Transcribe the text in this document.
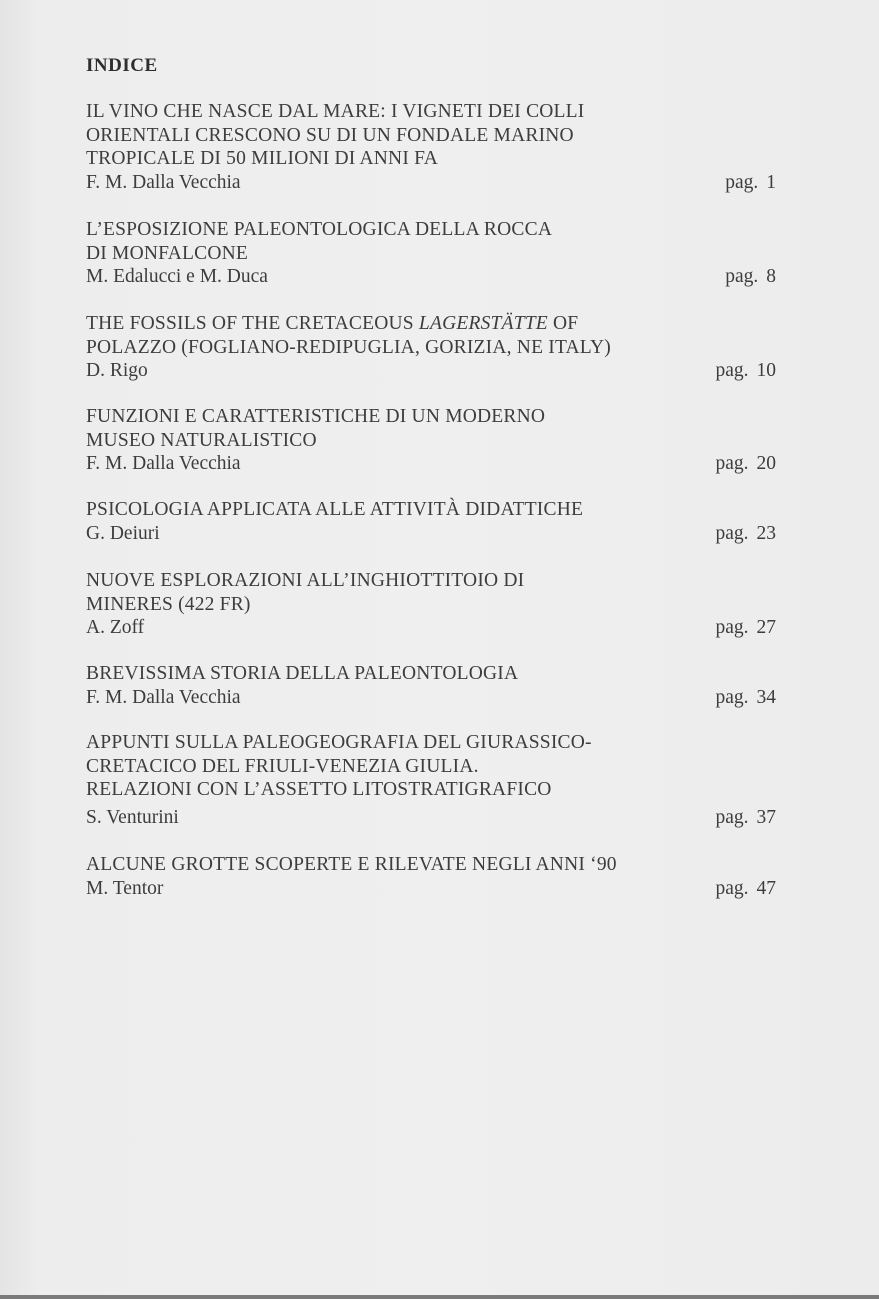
INDICE
IL VINO CHE NASCE DAL MARE: I VIGNETI DEI COLLI
ORIENTALI CRESCONO SU DI UN FONDALE MARINO
TROPICALE DI 50 MILIONI DI ANNI FA
F. M. Dalla Vecchia	pag. 1
L’ESPOSIZIONE PALEONTOLOGICA DELLA ROCCA
DI MONFALCONE
M. Edalucci e M. Duca	pag. 8
THE FOSSILS OF THE CRETACEOUS LAGERSTÄTTE OF
POLAZZO (FOGLIANO-REDIPUGLIA, GORIZIA, NE ITALY)
D. Rigo	pag. 10
FUNZIONI E CARATTERISTICHE DI UN MODERNO
MUSEO NATURALISTICO
F. M. Dalla Vecchia	pag. 20
PSICOLOGIA APPLICATA ALLE ATTIVITÀ DIDATTICHE
G. Deiuri	pag. 23
NUOVE ESPLORAZIONI ALL’INGHIOTTITOIO DI
MINERES (422 FR)
A. Zoff	pag. 27
BREVISSIMA STORIA DELLA PALEONTOLOGIA
F. M. Dalla Vecchia	pag. 34
APPUNTI SULLA PALEOGEOGRAFIA DEL GIURASSICO-
CRETACICO DEL FRIULI-VENEZIA GIULIA.
RELAZIONI CON L’ASSETTO LITOSTRATIGRAFICO
S. Venturini	pag. 37
ALCUNE GROTTE SCOPERTE E RILEVATE NEGLI ANNI ‘90
M. Tentor	pag. 47
